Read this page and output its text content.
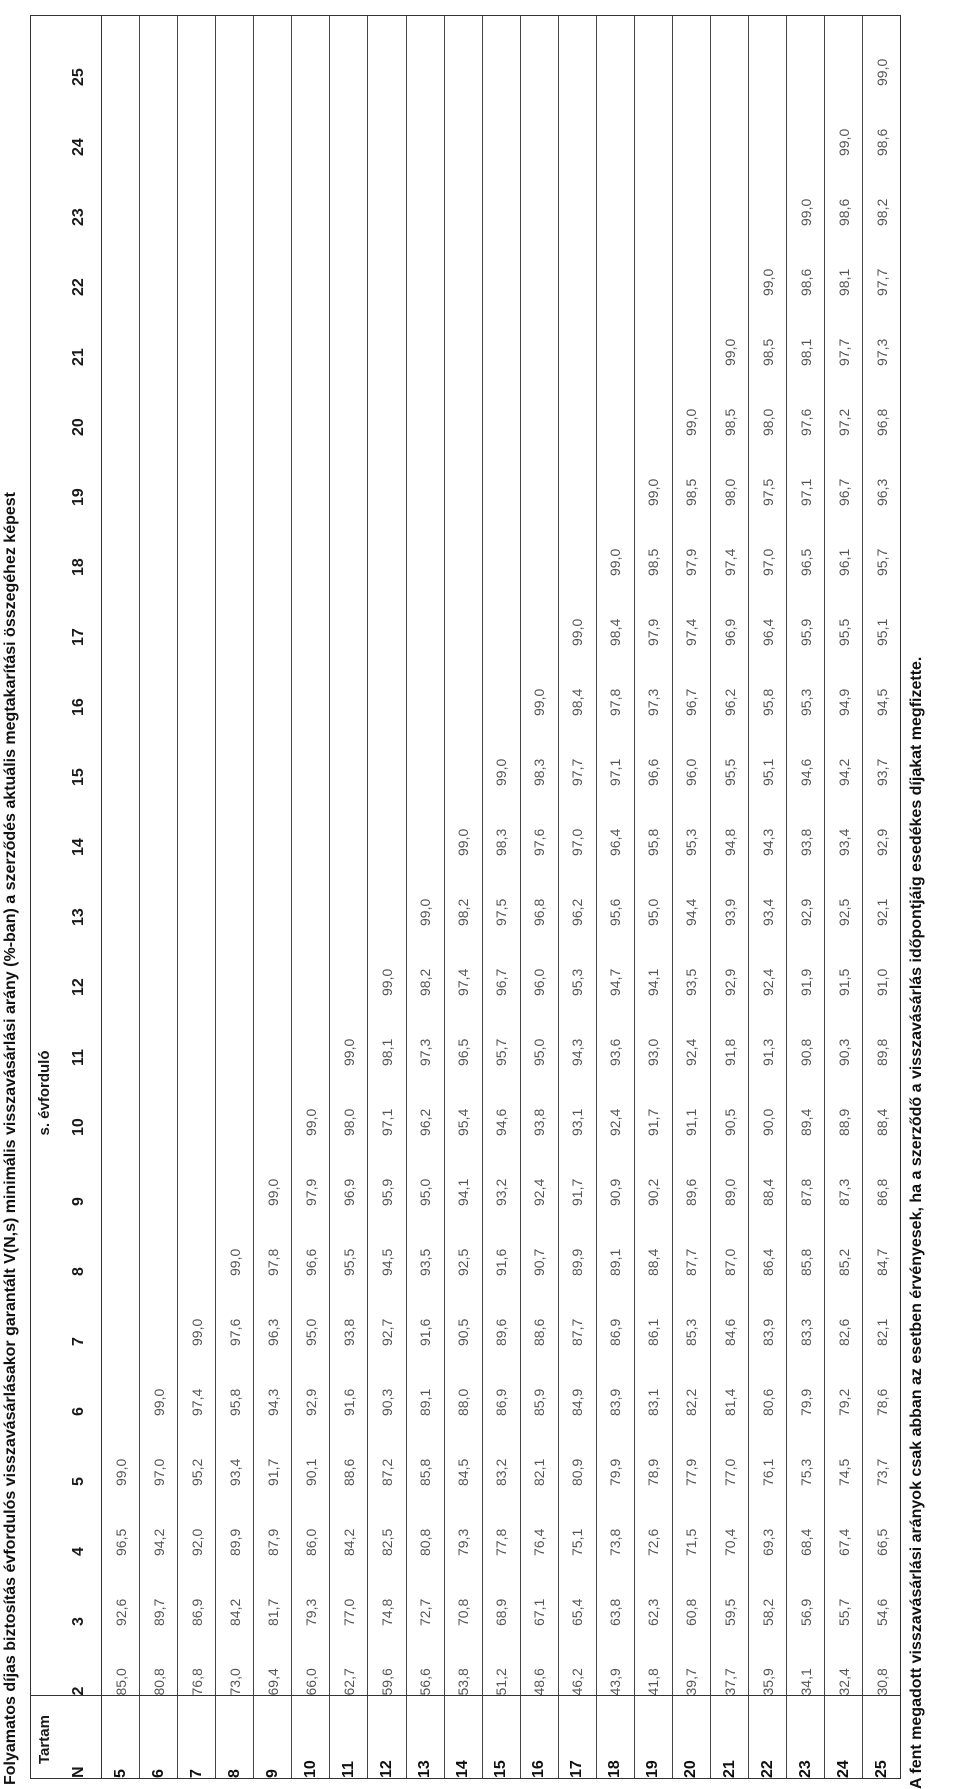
Folyamatos díjas biztosítás évfordulós visszavásárlásakor garantált V(N,s) minimális visszavásárlási arány (%-ban) a szerződés aktuális megtakarítási összegéhez képest Tartam	s. évforduló																							
N	2	3	4	5	6	7	8	9	10	11	12	13	14	15	16	17	18	19	20	21	22	23	24	25
5	85,0	92,6	96,5	99,0																				
6	80,8	89,7	94,2	97,0	99,0																			
7	76,8	86,9	92,0	95,2	97,4	99,0																		
8	73,0	84,2	89,9	93,4	95,8	97,6	99,0																	
9	69,4	81,7	87,9	91,7	94,3	96,3	97,8	99,0																
10	66,0	79,3	86,0	90,1	92,9	95,0	96,6	97,9	99,0															
11	62,7	77,0	84,2	88,6	91,6	93,8	95,5	96,9	98,0	99,0														
12	59,6	74,8	82,5	87,2	90,3	92,7	94,5	95,9	97,1	98,1	99,0													
13	56,6	72,7	80,8	85,8	89,1	91,6	93,5	95,0	96,2	97,3	98,2	99,0												
14	53,8	70,8	79,3	84,5	88,0	90,5	92,5	94,1	95,4	96,5	97,4	98,2	99,0											
15	51,2	68,9	77,8	83,2	86,9	89,6	91,6	93,2	94,6	95,7	96,7	97,5	98,3	99,0										
16	48,6	67,1	76,4	82,1	85,9	88,6	90,7	92,4	93,8	95,0	96,0	96,8	97,6	98,3	99,0									
17	46,2	65,4	75,1	80,9	84,9	87,7	89,9	91,7	93,1	94,3	95,3	96,2	97,0	97,7	98,4	99,0								
18	43,9	63,8	73,8	79,9	83,9	86,9	89,1	90,9	92,4	93,6	94,7	95,6	96,4	97,1	97,8	98,4	99,0							
19	41,8	62,3	72,6	78,9	83,1	86,1	88,4	90,2	91,7	93,0	94,1	95,0	95,8	96,6	97,3	97,9	98,5	99,0						
20	39,7	60,8	71,5	77,9	82,2	85,3	87,7	89,6	91,1	92,4	93,5	94,4	95,3	96,0	96,7	97,4	97,9	98,5	99,0					
21	37,7	59,5	70,4	77,0	81,4	84,6	87,0	89,0	90,5	91,8	92,9	93,9	94,8	95,5	96,2	96,9	97,4	98,0	98,5	99,0				
22	35,9	58,2	69,3	76,1	80,6	83,9	86,4	88,4	90,0	91,3	92,4	93,4	94,3	95,1	95,8	96,4	97,0	97,5	98,0	98,5	99,0			
23	34,1	56,9	68,4	75,3	79,9	83,3	85,8	87,8	89,4	90,8	91,9	92,9	93,8	94,6	95,3	95,9	96,5	97,1	97,6	98,1	98,6	99,0		
24	32,4	55,7	67,4	74,5	79,2	82,6	85,2	87,3	88,9	90,3	91,5	92,5	93,4	94,2	94,9	95,5	96,1	96,7	97,2	97,7	98,1	98,6	99,0	
25	30,8	54,6	66,5	73,7	78,6	82,1	84,7	86,8	88,4	89,8	91,0	92,1	92,9	93,7	94,5	95,1	95,7	96,3	96,8	97,3	97,7	98,2	98,6	99,0
A fent megadott visszavásárlási arányok csak abban az esetben érvényesek, ha a szerződő a visszavásárlás időpontjáig esedékes díjakat megfizette.
